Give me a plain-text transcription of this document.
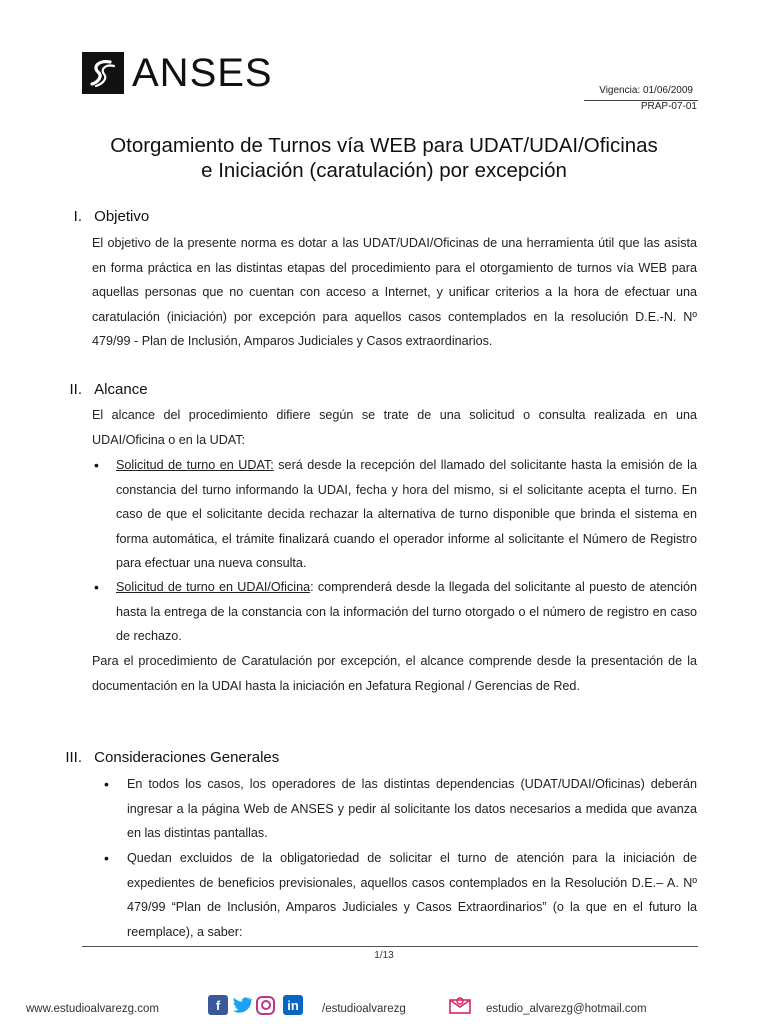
ANSES	Vigencia: 01/06/2009
PRAP-07-01
Otorgamiento de Turnos vía WEB para UDAT/UDAI/Oficinas
e Iniciación (caratulación) por excepción
I. Objetivo
El objetivo de la presente norma es dotar a las UDAT/UDAI/Oficinas de una herramienta útil que las asista en forma práctica en las distintas etapas del procedimiento para el otorgamiento de turnos vía WEB para aquellas personas que no cuentan con acceso a Internet, y unificar criterios a la hora de efectuar una caratulación (iniciación) por excepción para aquellos casos contemplados en la resolución D.E.-N. Nº 479/99 - Plan de Inclusión, Amparos Judiciales y Casos extraordinarios.
II. Alcance
El alcance del procedimiento difiere según se trate de una solicitud o consulta realizada en una UDAI/Oficina o en la UDAT:
• Solicitud de turno en UDAT: será desde la recepción del llamado del solicitante hasta la emisión de la constancia del turno informando la UDAI, fecha y hora del mismo, si el solicitante acepta el turno. En caso de que el solicitante decida rechazar la alternativa de turno disponible que brinda el sistema en forma automática, el trámite finalizará cuando el operador informe al solicitante el Número de Registro para efectuar una nueva consulta.
• Solicitud de turno en UDAI/Oficina: comprenderá desde la llegada del solicitante al puesto de atención hasta la entrega de la constancia con la información del turno otorgado o el número de registro en caso de rechazo.
Para el procedimiento de Caratulación por excepción, el alcance comprende desde la presentación de la documentación en la UDAI hasta la iniciación en Jefatura Regional / Gerencias de Red.
III. Consideraciones Generales
• En todos los casos, los operadores de las distintas dependencias (UDAT/UDAI/Oficinas) deberán ingresar a la página Web de ANSES y pedir al solicitante los datos necesarios a medida que avanza en las distintas pantallas.
• Quedan excluidos de la obligatoriedad de solicitar el turno de atención para la iniciación de expedientes de beneficios previsionales, aquellos casos contemplados en la Resolución D.E.– A. Nº 479/99 “Plan de Inclusión, Amparos Judiciales y Casos Extraordinarios” (o la que en el futuro la reemplace), a saber:
1/13
www.estudioalvarezg.com	f	in	/estudioalvarezg	estudio_alvarezg@hotmail.com
